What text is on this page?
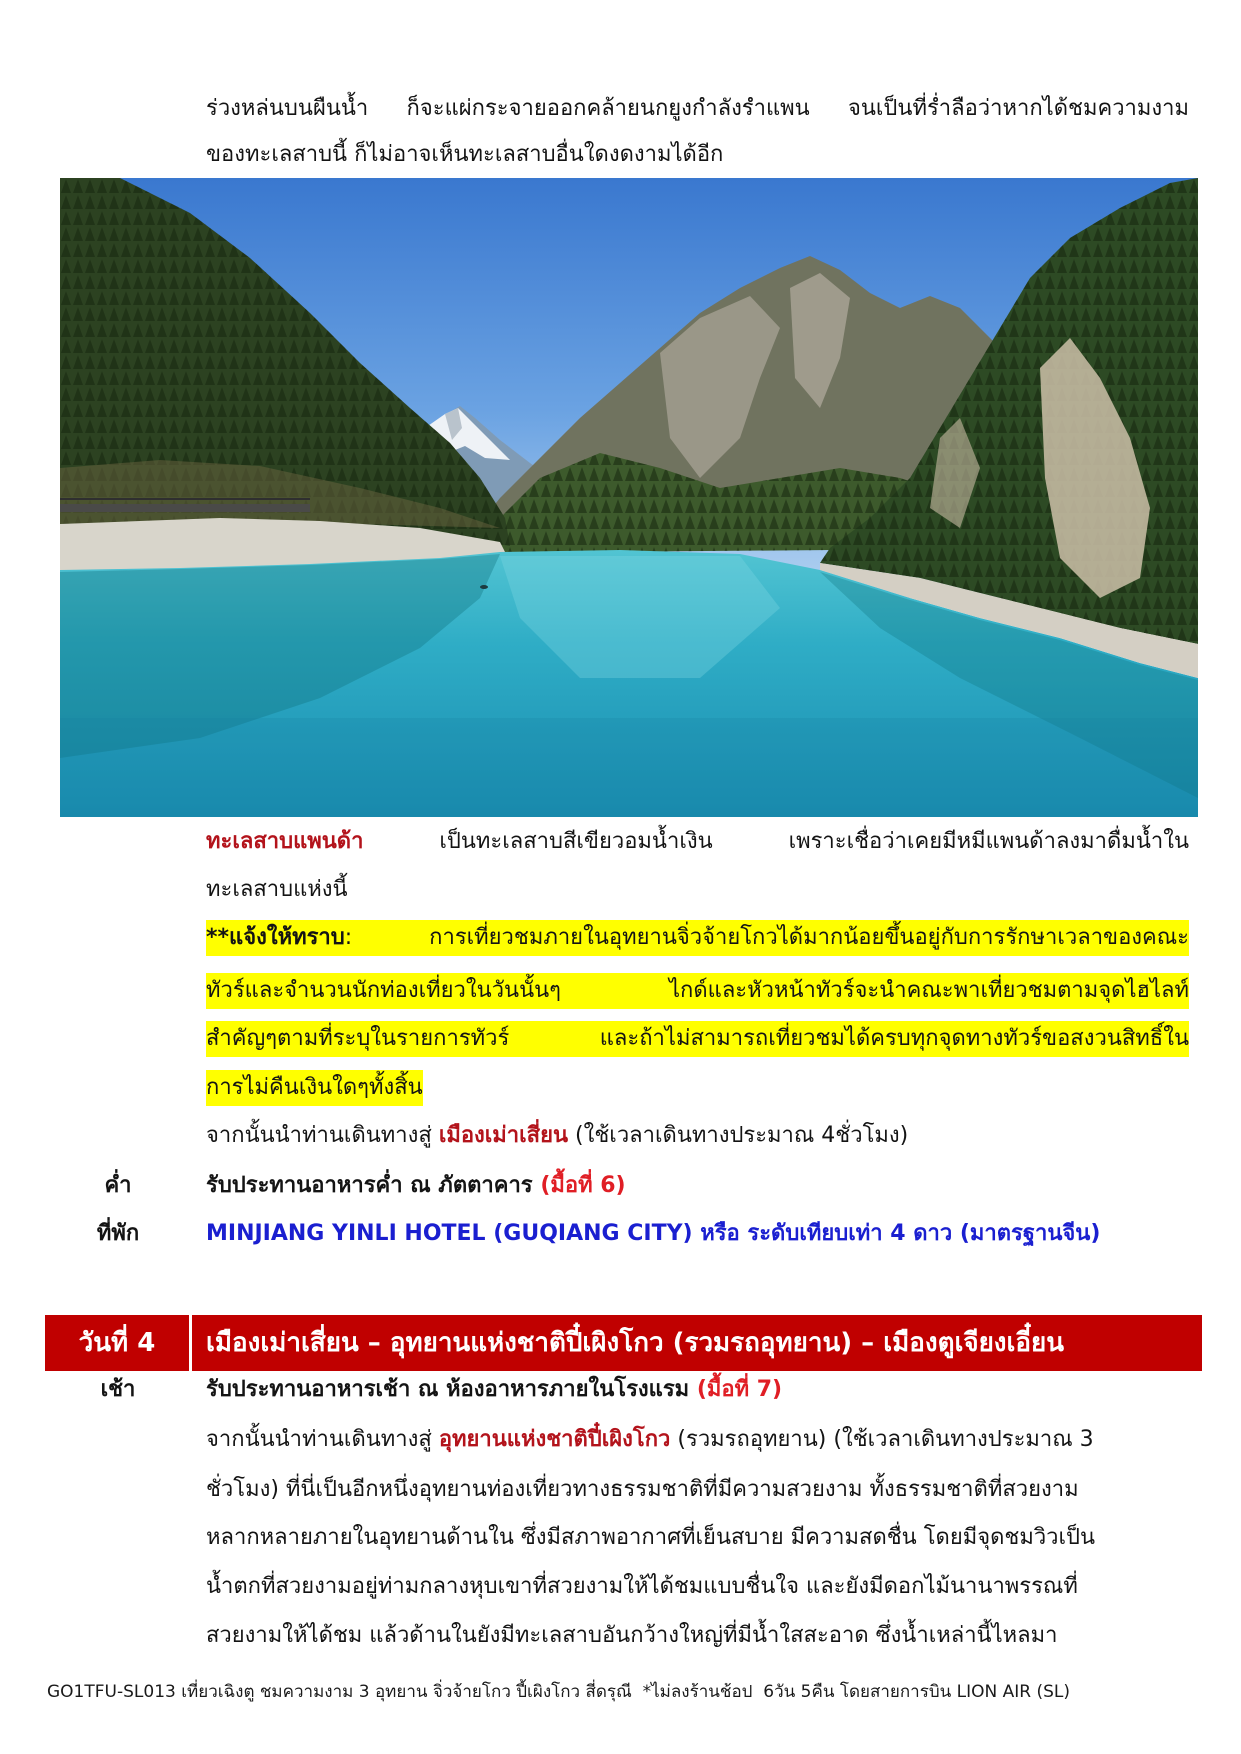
ร่วงหล่นบนผืนน้ำ ก็จะแผ่กระจายออกคล้ายนกยูงกำลังรำแพน จนเป็นที่ร่ำลือว่าหากได้ชมความงาม
ของทะเลสาบนี้ ก็ไม่อาจเห็นทะเลสาบอื่นใดงดงามได้อีก
ทะเลสาบแพนด้า	เป็นทะเลสาบสีเขียวอมน้ำเงิน	เพราะเชื่อว่าเคยมีหมีแพนด้าลงมาดื่มน้ำใน
ทะเลสาบแห่งนี้
**แจ้งให้ทราบ:	การเที่ยวชมภายในอุทยานจิ่วจ้ายโกวได้มากน้อยขึ้นอยู่กับการรักษาเวลาของคณะ
ทัวร์และจำนวนนักท่องเที่ยวในวันนั้นๆ	ไกด์และหัวหน้าทัวร์จะนำคณะพาเที่ยวชมตามจุดไฮไลท์
สำคัญๆตามที่ระบุในรายการทัวร์	และถ้าไม่สามารถเที่ยวชมได้ครบทุกจุดทางทัวร์ขอสงวนสิทธิ์ใน
การไม่คืนเงินใดๆทั้งสิ้น
จากนั้นนำท่านเดินทางสู่ เมืองเม่าเสี่ยน (ใช้เวลาเดินทางประมาณ 4ชั่วโมง)
ค่ำ	รับประทานอาหารค่ำ ณ ภัตตาคาร (มื้อที่ 6)
ที่พัก	MINJIANG YINLI HOTEL (GUQIANG CITY) หรือ ระดับเทียบเท่า 4 ดาว (มาตรฐานจีน)
วันที่ 4	เมืองเม่าเสี่ยน – อุทยานแห่งชาติปี๋เผิงโกว (รวมรถอุทยาน) – เมืองตูเจียงเอี๋ยน
เช้า	รับประทานอาหารเช้า ณ ห้องอาหารภายในโรงแรม (มื้อที่ 7)
จากนั้นนำท่านเดินทางสู่ อุทยานแห่งชาติปี๋เผิงโกว (รวมรถอุทยาน) (ใช้เวลาเดินทางประมาณ 3
ชั่วโมง) ที่นี่เป็นอีกหนึ่งอุทยานท่องเที่ยวทางธรรมชาติที่มีความสวยงาม ทั้งธรรมชาติที่สวยงาม
หลากหลายภายในอุทยานด้านใน ซึ่งมีสภาพอากาศที่เย็นสบาย มีความสดชื่น โดยมีจุดชมวิวเป็น
น้ำตกที่สวยงามอยู่ท่ามกลางหุบเขาที่สวยงามให้ได้ชมแบบชื่นใจ และยังมีดอกไม้นานาพรรณที่
สวยงามให้ได้ชม แล้วด้านในยังมีทะเลสาบอันกว้างใหญ่ที่มีน้ำใสสะอาด ซึ่งน้ำเหล่านี้ไหลมา
GO1TFU-SL013 เที่ยวเฉิงตู ชมความงาม 3 อุทยาน จิ่วจ้ายโกว ปี้เผิงโกว สี่ดรุณี  *ไม่ลงร้านช้อป  6วัน 5คืน โดยสายการบิน LION AIR (SL)
